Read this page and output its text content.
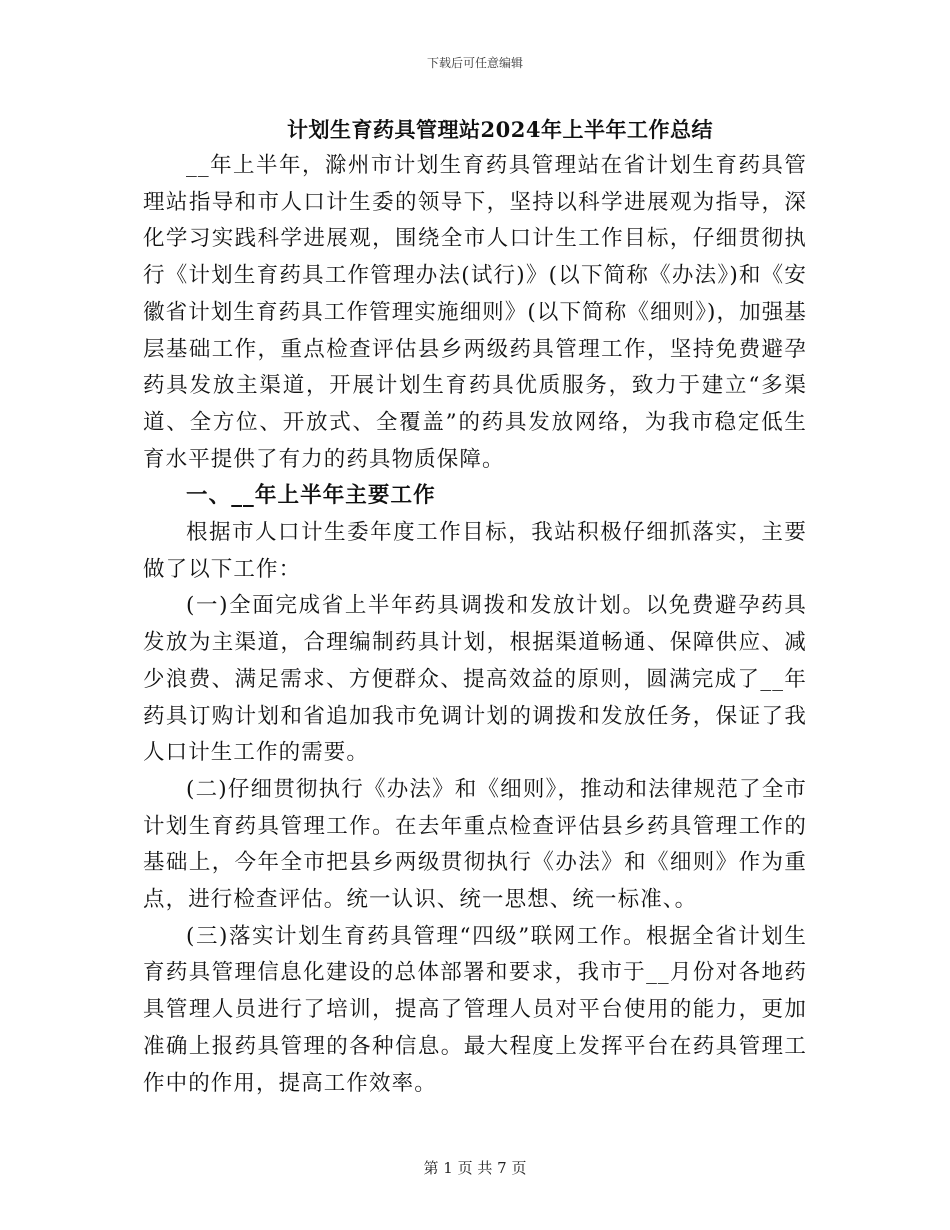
下载后可任意编辑
计划生育药具管理站2024年上半年工作总结

__年上半年，滁州市计划生育药具管理站在省计划生育药具管理站指导和市人口计生委的领导下，坚持以科学进展观为指导，深化学习实践科学进展观，围绕全市人口计生工作目标，仔细贯彻执行《计划生育药具工作管理办法(试行)》(以下简称《办法》)和《安徽省计划生育药具工作管理实施细则》(以下简称《细则》)，加强基层基础工作，重点检查评估县乡两级药具管理工作，坚持免费避孕药具发放主渠道，开展计划生育药具优质服务，致力于建立“多渠道、全方位、开放式、全覆盖”的药具发放网络，为我市稳定低生育水平提供了有力的药具物质保障。

一、__年上半年主要工作

根据市人口计生委年度工作目标，我站积极仔细抓落实，主要做了以下工作：

(一)全面完成省上半年药具调拨和发放计划。以免费避孕药具发放为主渠道，合理编制药具计划，根据渠道畅通、保障供应、减少浪费、满足需求、方便群众、提高效益的原则，圆满完成了__年药具订购计划和省追加我市免调计划的调拨和发放任务，保证了我人口计生工作的需要。

(二)仔细贯彻执行《办法》和《细则》，推动和法律规范了全市计划生育药具管理工作。在去年重点检查评估县乡药具管理工作的基础上，今年全市把县乡两级贯彻执行《办法》和《细则》作为重点，进行检查评估。统一认识、统一思想、统一标准、。

(三)落实计划生育药具管理“四级”联网工作。根据全省计划生育药具管理信息化建设的总体部署和要求，我市于__月份对各地药具管理人员进行了培训，提高了管理人员对平台使用的能力，更加准确上报药具管理的各种信息。最大程度上发挥平台在药具管理工作中的作用，提高工作效率。

第 1 页 共 7 页
